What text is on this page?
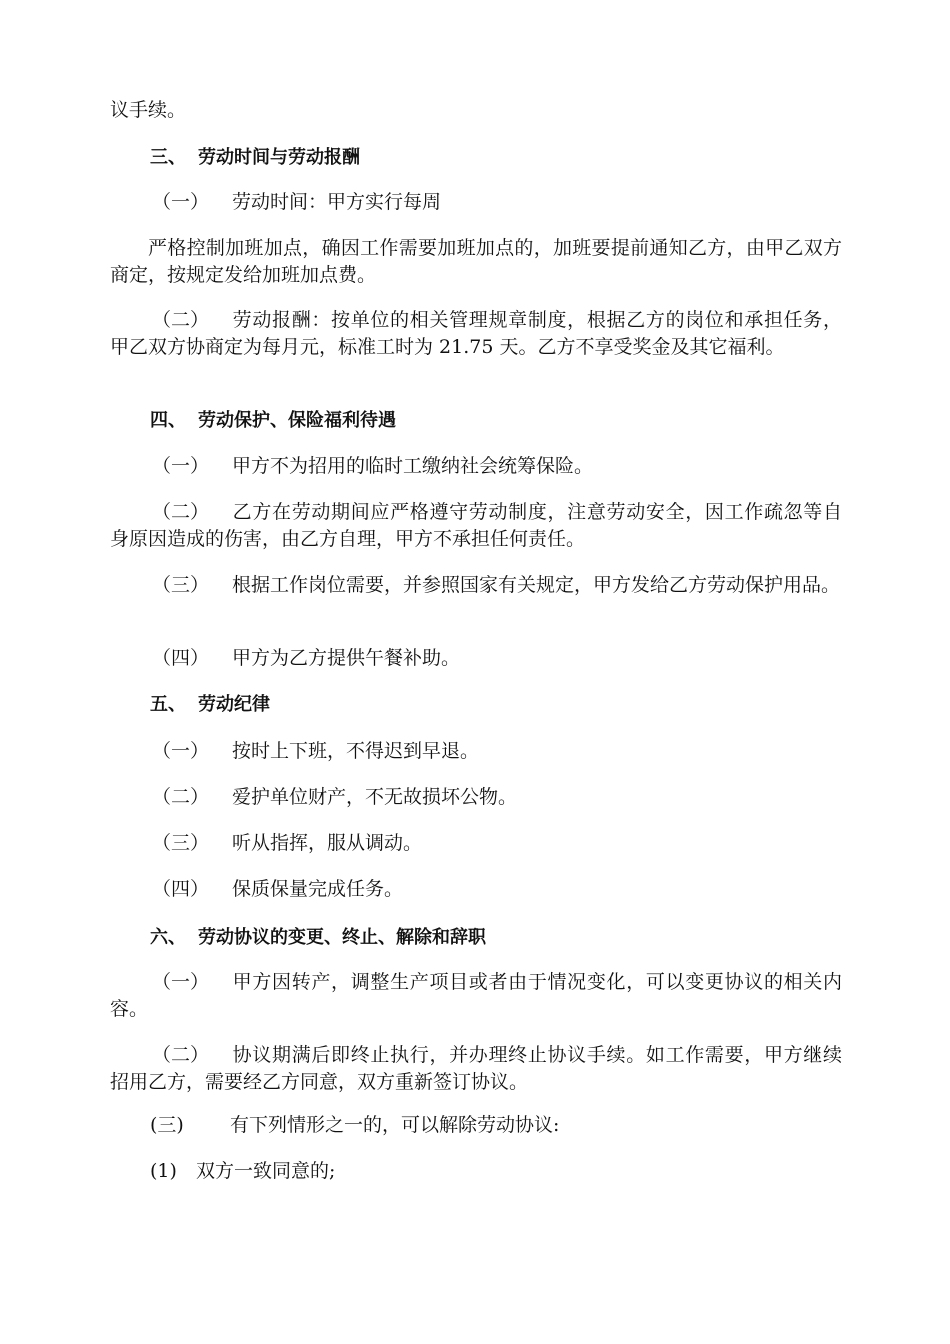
议手续。

三、 劳动时间与劳动报酬

（一） 劳动时间：甲方实行每周

严格控制加班加点，确因工作需要加班加点的，加班要提前通知乙方，由甲乙双方商定，按规定发给加班加点费。

（二） 劳动报酬：按单位的相关管理规章制度，根据乙方的岗位和承担任务， 甲乙双方协商定为每月元，标准工时为 21.75 天。乙方不享受奖金及其它福利。

四、 劳动保护、保险福利待遇

（一） 甲方不为招用的临时工缴纳社会统筹保险。

（二） 乙方在劳动期间应严格遵守劳动制度，注意劳动安全，因工作疏忽等自 身原因造成的伤害，由乙方自理，甲方不承担任何责任。

（三） 根据工作岗位需要，并参照国家有关规定，甲方发给乙方劳动保护用品。

（四） 甲方为乙方提供午餐补助。

五、 劳动纪律

（一） 按时上下班，不得迟到早退。

（二） 爱护单位财产，不无故损坏公物。

（三） 听从指挥，服从调动。

（四） 保质保量完成任务。

六、 劳动协议的变更、终止、解除和辞职

（一） 甲方因转产，调整生产项目或者由于情况变化，可以变更协议的相关内容。

（二） 协议期满后即终止执行，并办理终止协议手续。如工作需要，甲方继续 招用乙方，需要经乙方同意，双方重新签订协议。

(三) 有下列情形之一的，可以解除劳动协议:

(1) 双方一致同意的;
